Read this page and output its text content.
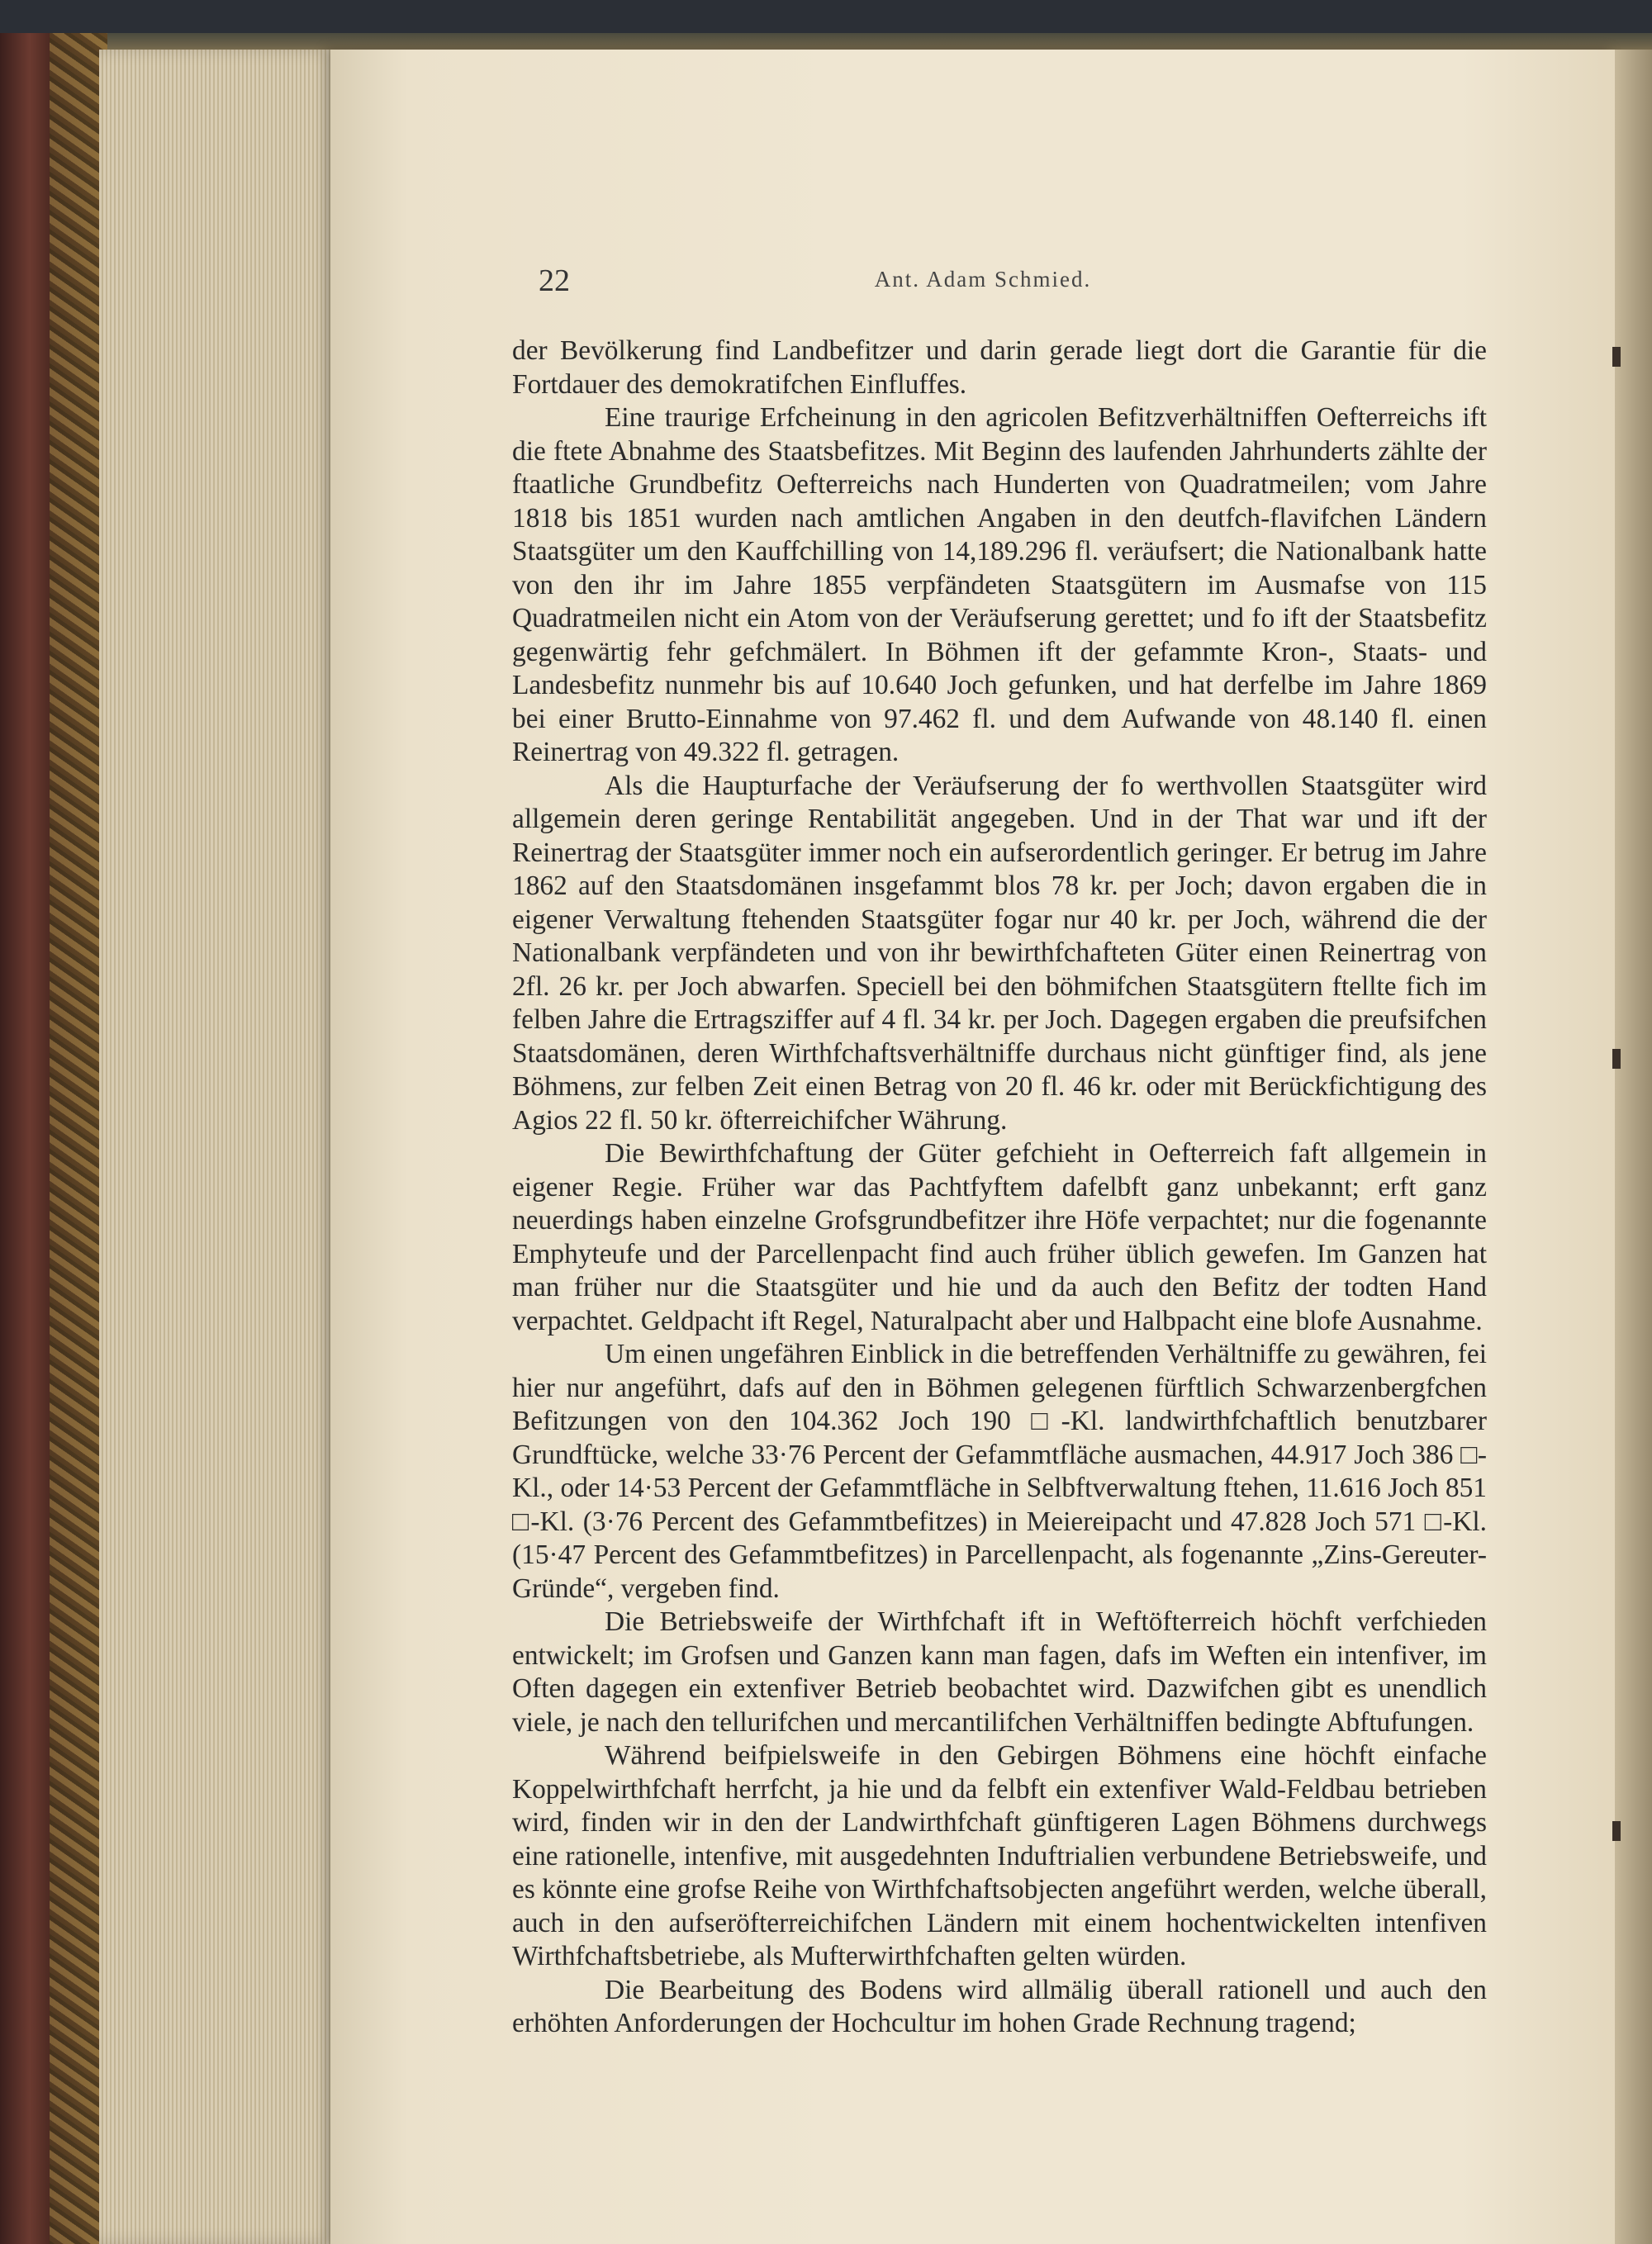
22	Ant. Adam Schmied.

der Bevölkerung find Landbefitzer und darin gerade liegt dort die Garantie für die Fortdauer des demokratifchen Einfluffes.

Eine traurige Erfcheinung in den agricolen Befitzverhältniffen Oefterreichs ift die ftete Abnahme des Staatsbefitzes. Mit Beginn des laufenden Jahrhunderts zählte der ftaatliche Grundbefitz Oefterreichs nach Hunderten von Quadratmeilen; vom Jahre 1818 bis 1851 wurden nach amtlichen Angaben in den deutfch-flavifchen Ländern Staatsgüter um den Kauffchilling von 14,189.296 fl. veräufsert; die Nationalbank hatte von den ihr im Jahre 1855 verpfändeten Staatsgütern im Ausmafse von 115 Quadratmeilen nicht ein Atom von der Veräufserung gerettet; und fo ift der Staatsbefitz gegenwärtig fehr gefchmälert. In Böhmen ift der gefammte Kron-, Staats- und Landesbefitz nunmehr bis auf 10.640 Joch gefunken, und hat derfelbe im Jahre 1869 bei einer Brutto-Einnahme von 97.462 fl. und dem Aufwande von 48.140 fl. einen Reinertrag von 49.322 fl. getragen.

Als die Haupturfache der Veräufserung der fo werthvollen Staatsgüter wird allgemein deren geringe Rentabilität angegeben. Und in der That war und ift der Reinertrag der Staatsgüter immer noch ein aufserordentlich geringer. Er betrug im Jahre 1862 auf den Staatsdomänen insgefammt blos 78 kr. per Joch; davon ergaben die in eigener Verwaltung ftehenden Staatsgüter fogar nur 40 kr. per Joch, während die der Nationalbank verpfändeten und von ihr bewirthfchafteten Güter einen Reinertrag von 2fl. 26 kr. per Joch abwarfen. Speciell bei den böhmifchen Staatsgütern ftellte fich im felben Jahre die Ertragsziffer auf 4 fl. 34 kr. per Joch. Dagegen ergaben die preufsifchen Staatsdomänen, deren Wirthfchaftsverhältniffe durchaus nicht günftiger find, als jene Böhmens, zur felben Zeit einen Betrag von 20 fl. 46 kr. oder mit Berückfichtigung des Agios 22 fl. 50 kr. öfterreichifcher Währung.

Die Bewirthfchaftung der Güter gefchieht in Oefterreich faft allgemein in eigener Regie. Früher war das Pachtfyftem dafelbft ganz unbekannt; erft ganz neuerdings haben einzelne Grofsgrundbefitzer ihre Höfe verpachtet; nur die fogenannte Emphyteufe und der Parcellenpacht find auch früher üblich gewefen. Im Ganzen hat man früher nur die Staatsgüter und hie und da auch den Befitz der todten Hand verpachtet. Geldpacht ift Regel, Naturalpacht aber und Halbpacht eine blofe Ausnahme.

Um einen ungefähren Einblick in die betreffenden Verhältniffe zu gewähren, fei hier nur angeführt, dafs auf den in Böhmen gelegenen fürftlich Schwarzenbergfchen Befitzungen von den 104.362 Joch 190 □-Kl. landwirthfchaftlich benutzbarer Grundftücke, welche 33·76 Percent der Gefammtfläche ausmachen, 44.917 Joch 386 □-Kl., oder 14·53 Percent der Gefammtfläche in Selbftverwaltung ftehen, 11.616 Joch 851 □-Kl. (3·76 Percent des Gefammtbefitzes) in Meiereipacht und 47.828 Joch 571 □-Kl. (15·47 Percent des Gefammtbefitzes) in Parcellenpacht, als fogenannte „Zins-Gereuter-Gründe“, vergeben find.

Die Betriebsweife der Wirthfchaft ift in Weftöfterreich höchft verfchieden entwickelt; im Grofsen und Ganzen kann man fagen, dafs im Weften ein intenfiver, im Often dagegen ein extenfiver Betrieb beobachtet wird. Dazwifchen gibt es unendlich viele, je nach den tellurifchen und mercantilifchen Verhältniffen bedingte Abftufungen.

Während beifpielsweife in den Gebirgen Böhmens eine höchft einfache Koppelwirthfchaft herrfcht, ja hie und da felbft ein extenfiver Wald-Feldbau betrieben wird, finden wir in den der Landwirthfchaft günftigeren Lagen Böhmens durchwegs eine rationelle, intenfive, mit ausgedehnten Induftrialien verbundene Betriebsweife, und es könnte eine grofse Reihe von Wirthfchaftsobjecten angeführt werden, welche überall, auch in den aufseröfterreichifchen Ländern mit einem hochentwickelten intenfiven Wirthfchaftsbetriebe, als Mufterwirthfchaften gelten würden.

Die Bearbeitung des Bodens wird allmälig überall rationell und auch den erhöhten Anforderungen der Hochcultur im hohen Grade Rechnung tragend;
